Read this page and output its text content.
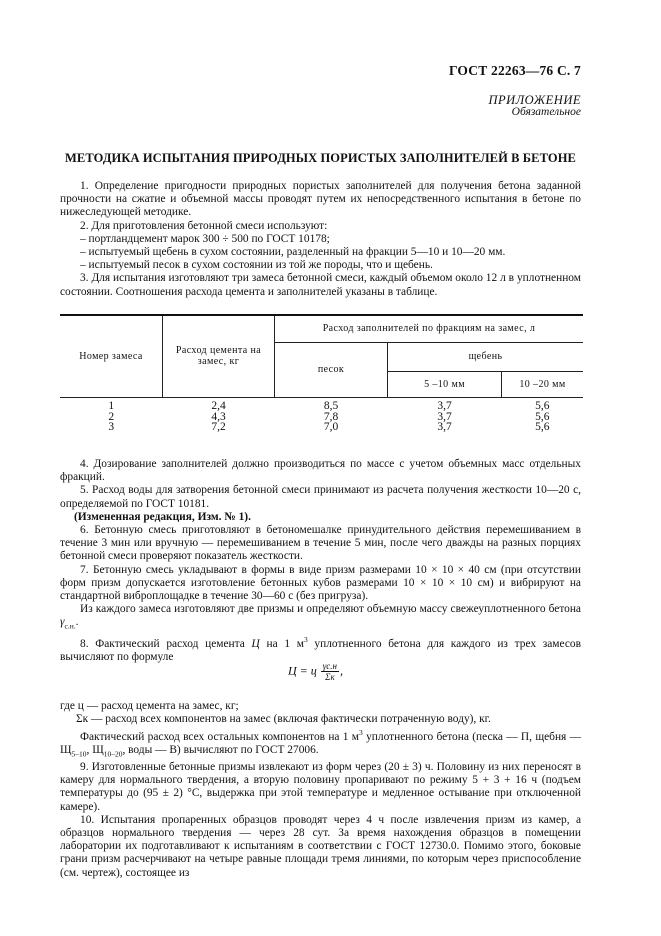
ГОСТ 22263—76 С. 7
ПРИЛОЖЕНИЕ
Обязательное
МЕТОДИКА ИСПЫТАНИЯ ПРИРОДНЫХ ПОРИСТЫХ ЗАПОЛНИТЕЛЕЙ В БЕТОНЕ
1. Определение пригодности природных пористых заполнителей для получения бетона заданной прочности на сжатие и объемной массы проводят путем их непосредственного испытания в бетоне по нижеследующей методике.
2. Для приготовления бетонной смеси используют:
– портландцемент марок 300 ÷ 500 по ГОСТ 10178;
– испытуемый щебень в сухом состоянии, разделенный на фракции 5—10 и 10—20 мм.
– испытуемый песок в сухом состоянии из той же породы, что и щебень.
3. Для испытания изготовляют три замеса бетонной смеси, каждый объемом около 12 л в уплотненном состоянии. Соотношения расхода цемента и заполнителей указаны в таблице.
Номер замеса	Расход цемента на замес, кг	Расход заполнителей по фракциям на замес, л		
		песок	щебень	
			5 –10 мм	10 –20 мм

1	2,4	8,5	3,7	5,6
2	4,3	7,8	3,7	5,6
3	7,2	7,0	3,7	5,6
4. Дозирование заполнителей должно производиться по массе с учетом объемных масс отдельных фракций.
5. Расход воды для затворения бетонной смеси принимают из расчета получения жесткости 10—20 с, определяемой по ГОСТ 10181.
(Измененная редакция, Изм. № 1).
6. Бетонную смесь приготовляют в бетономешалке принудительного действия перемешиванием в течение 3 мин или вручную — перемешиванием в течение 5 мин, после чего дважды на разных порциях бетонной смеси проверяют показатель жесткости.
7. Бетонную смесь укладывают в формы в виде призм размерами 10 × 10 × 40 см (при отсутствии форм призм допускается изготовление бетонных кубов размерами 10 × 10 × 10 см) и вибрируют на стандартной виброплощадке в течение 30—60 с (без пригруза).
Из каждого замеса изготовляют две призмы и определяют объемную массу свежеуплотненного бетона $\gamma_{с.н.}$.
8. Фактический расход цемента Ц на 1 $м^3$ уплотненного бетона для каждого из трех замесов вычисляют по формуле
Ц = ц $\frac{\gamma с.н}{\Sigma к}$ ,
где ц — расход цемента на замес, кг;
Σк — расход всех компонентов на замес (включая фактически потраченную воду), кг.
Фактический расход всех остальных компонентов на 1 $м^3$ уплотненного бетона (песка — П, щебня — $Щ_{5-10}$, $Щ_{10-20}$, воды — В) вычисляют по ГОСТ 27006.
9. Изготовленные бетонные призмы извлекают из форм через (20 ± 3) ч. Половину из них переносят в камеру для нормального твердения, а вторую половину пропаривают по режиму 5 + 3 + 16 ч (подъем температуры до (95 ± 2) °С, выдержка при этой температуре и медленное остывание при отключенной камере).
10. Испытания пропаренных образцов проводят через 4 ч после извлечения призм из камер, а образцов нормального твердения — через 28 сут. За время нахождения образцов в помещении лаборатории их подготавливают к испытаниям в соответствии с ГОСТ 12730.0. Помимо этого, боковые грани призм расчерчивают на четыре равные площади тремя линиями, по которым через приспособление (см. чертеж), состоящее из
